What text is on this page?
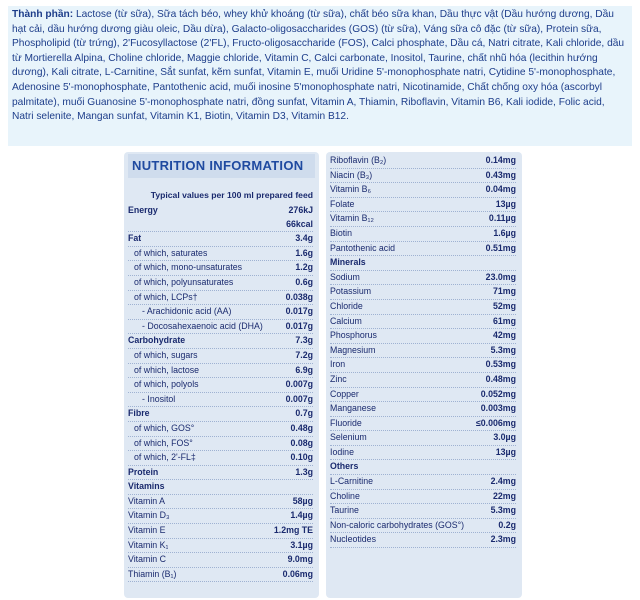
Thành phần: Lactose (từ sữa), Sữa tách béo, whey khử khoáng (từ sữa), chất béo sữa khan, Dầu thực vật (Dầu hướng dương, Dầu hạt cải, dầu hướng dương giàu oleic, Dầu dừa), Galacto-oligosaccharides (GOS) (từ sữa), Váng sữa cô đặc (từ sữa), Protein sữa, Phospholipid (từ trứng), 2'Fucosyllactose (2'FL), Fructo-oligosaccharide (FOS), Calci phosphate, Dầu cá, Natri citrate, Kali chloride, dầu từ Mortierella Alpina, Choline chloride, Maggie chloride, Vitamin C, Calci carbonate, Inositol, Taurine, chất nhũ hóa (lecithin hướng dương), Kali citrate, L-Carnitine, Sắt sunfat, kẽm sunfat, Vitamin E, muối Uridine 5'-monophosphate natri, Cytidine 5'-monophosphate, Adenosine 5'-monophosphate, Pantothenic acid, muối inosine 5'monophosphate natri, Nicotinamide, Chất chống oxy hóa (ascorbyl palmitate), muối Guanosine 5'-monophosphate natri, đồng sunfat, Vitamin A, Thiamin, Riboflavin, Vitamin B6, Kali iodide, Folic acid, Natri selenite, Mangan sunfat, Vitamin K1, Biotin, Vitamin D3, Vitamin B12.
NUTRITION INFORMATION
Typical values per 100 ml prepared feed
Energy	276kJ
66kcal
Fat	3.4g
of which, saturates	1.6g
of which, mono-unsaturates	1.2g
of which, polyunsaturates	0.6g
of which, LCPs†	0.038g
- Arachidonic acid (AA)	0.017g
- Docosahexaenoic acid (DHA)	0.017g
Carbohydrate	7.3g
of which, sugars	7.2g
of which, lactose	6.9g
of which, polyols	0.007g
- Inositol	0.007g
Fibre	0.7g
of which, GOS°	0.48g
of which, FOS°	0.08g
of which, 2'-FL‡	0.10g
Protein	1.3g
Vitamins
Vitamin A	58µg
Vitamin D₃	1.4µg
Vitamin E	1.2mg TE
Vitamin K₁	3.1µg
Vitamin C	9.0mg
Thiamin (B₁)	0.06mg
Riboflavin (B₂)	0.14mg
Niacin (B₃)	0.43mg
Vitamin B₆	0.04mg
Folate	13µg
Vitamin B₁₂	0.11µg
Biotin	1.6µg
Pantothenic acid	0.51mg
Minerals
Sodium	23.0mg
Potassium	71mg
Chloride	52mg
Calcium	61mg
Phosphorus	42mg
Magnesium	5.3mg
Iron	0.53mg
Zinc	0.48mg
Copper	0.052mg
Manganese	0.003mg
Fluoride	≤0.006mg
Selenium	3.0µg
Iodine	13µg
Others
L-Carnitine	2.4mg
Choline	22mg
Taurine	5.3mg
Non-caloric carbohydrates (GOS°)	0.2g
Nucleotides	2.3mg
